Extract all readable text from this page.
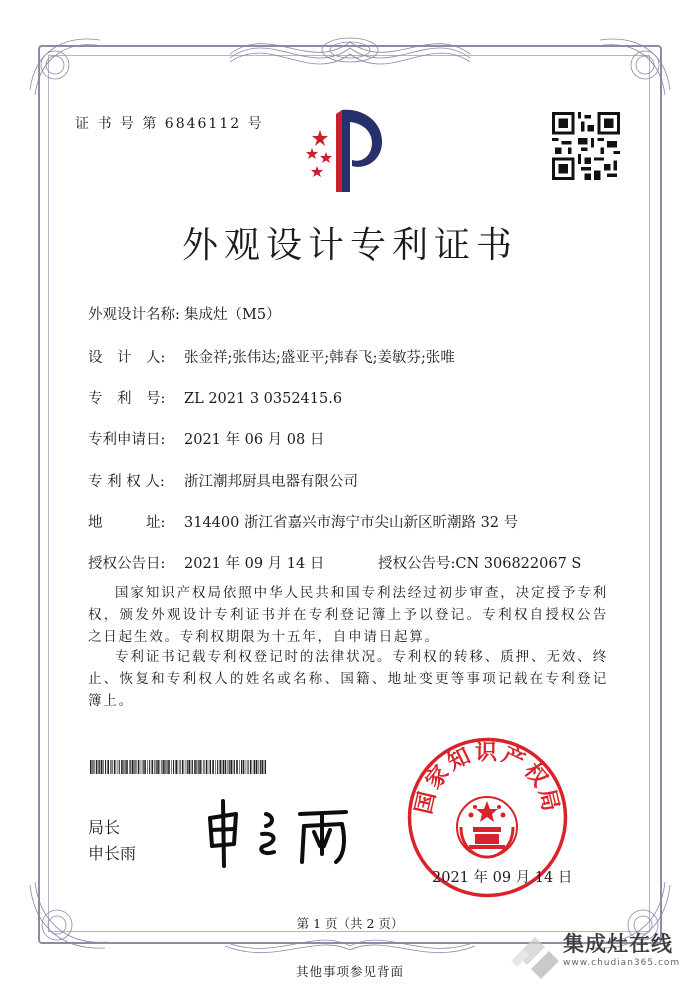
证 书 号 第 6846112 号
外观设计专利证书
外观设计名称: 集成灶（M5）
设　计　人: 张金祥;张伟达;盛亚平;韩春飞;姜敏芬;张唯
专　利　号: ZL 2021 3 0352415.6
专利申请日: 2021 年 06 月 08 日
专 利 权 人: 浙江潮邦厨具电器有限公司
地　　　址: 314400 浙江省嘉兴市海宁市尖山新区昕潮路 32 号
授权公告日: 2021 年 09 月 14 日	授权公告号:CN 306822067 S
国家知识产权局依照中华人民共和国专利法经过初步审查，决定授予专利权，颁发外观设计专利证书并在专利登记簿上予以登记。专利权自授权公告之日起生效。专利权期限为十五年，自申请日起算。
专利证书记载专利权登记时的法律状况。专利权的转移、质押、无效、终止、恢复和专利权人的姓名或名称、国籍、地址变更等事项记载在专利登记簿上。
局长
申长雨
国家知识产权局
2021 年 09 月 14 日
第 1 页（共 2 页）
其他事项参见背面
集成灶在线
www.chudian365.com
